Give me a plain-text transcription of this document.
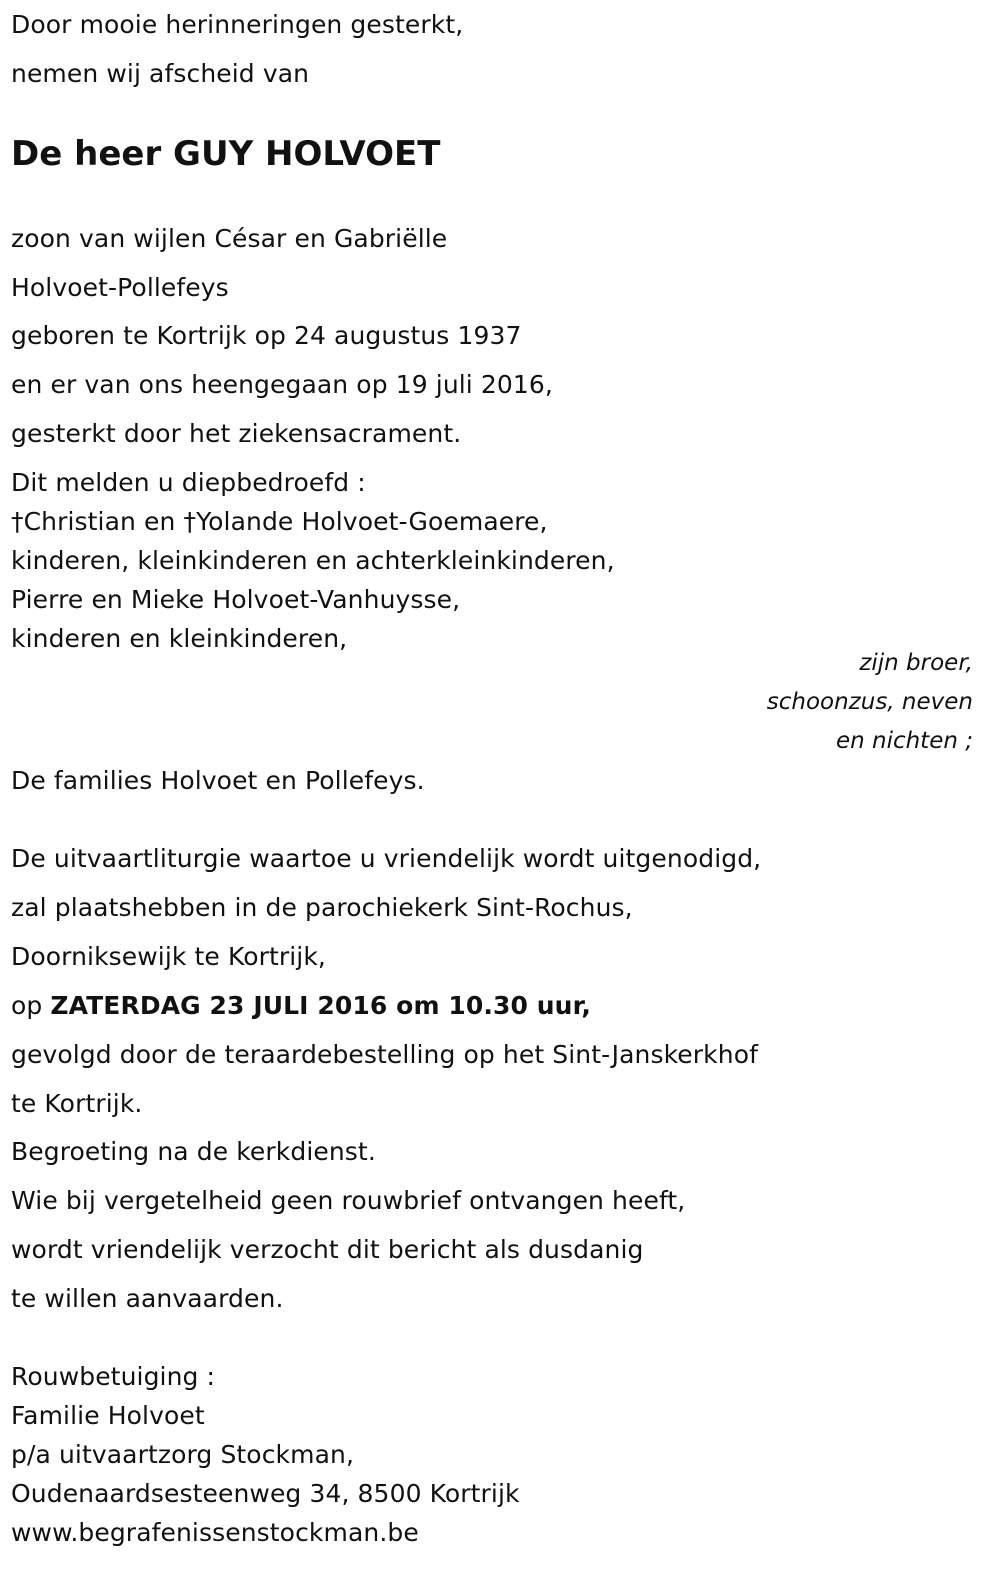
Door mooie herinneringen gesterkt,
nemen wij afscheid van
De heer GUY HOLVOET
zoon van wijlen César en Gabriëlle
Holvoet-Pollefeys
geboren te Kortrijk op 24 augustus 1937
en er van ons heengegaan op 19 juli 2016,
gesterkt door het ziekensacrament.
Dit melden u diepbedroefd :
†Christian en †Yolande Holvoet-Goemaere,
kinderen, kleinkinderen en achterkleinkinderen,
Pierre en Mieke Holvoet-Vanhuysse,
kinderen en kleinkinderen,
zijn broer,
schoonzus, neven
en nichten ;
De families Holvoet en Pollefeys.
De uitvaartliturgie waartoe u vriendelijk wordt uitgenodigd,
zal plaatshebben in de parochiekerk Sint-Rochus,
Doorniksewijk te Kortrijk,
op ZATERDAG 23 JULI 2016 om 10.30 uur,
gevolgd door de teraardebestelling op het Sint-Janskerkhof
te Kortrijk.
Begroeting na de kerkdienst.
Wie bij vergetelheid geen rouwbrief ontvangen heeft,
wordt vriendelijk verzocht dit bericht als dusdanig
te willen aanvaarden.
Rouwbetuiging :
Familie Holvoet
p/a uitvaartzorg Stockman,
Oudenaardsesteenweg 34, 8500 Kortrijk
www.begrafenissenstockman.be
